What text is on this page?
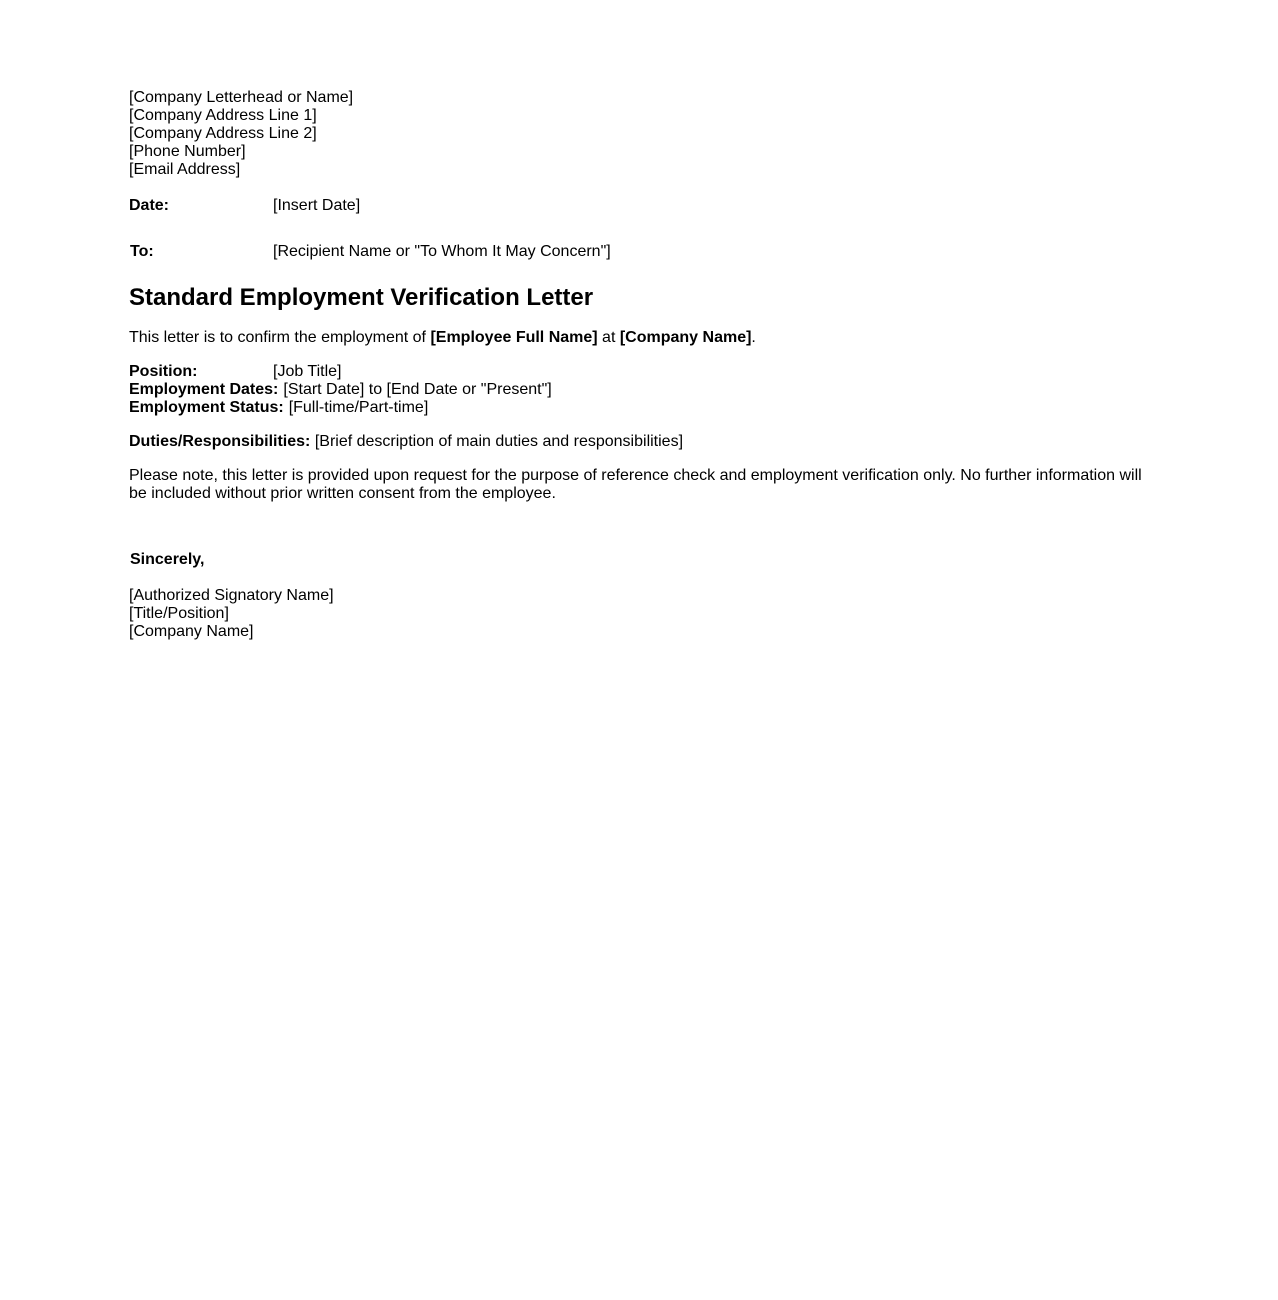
[Company Letterhead or Name]
[Company Address Line 1]
[Company Address Line 2]
[Phone Number]
[Email Address]
Date:	[Insert Date]
To:	[Recipient Name or "To Whom It May Concern"]
Standard Employment Verification Letter
This letter is to confirm the employment of [Employee Full Name] at [Company Name].
Position:	[Job Title]
Employment Dates: [Start Date] to [End Date or "Present"]
Employment Status: [Full-time/Part-time]
Duties/Responsibilities: [Brief description of main duties and responsibilities]
Please note, this letter is provided upon request for the purpose of reference check and employment verification only. No further information will be included without prior written consent from the employee.
Sincerely,
[Authorized Signatory Name]
[Title/Position]
[Company Name]
